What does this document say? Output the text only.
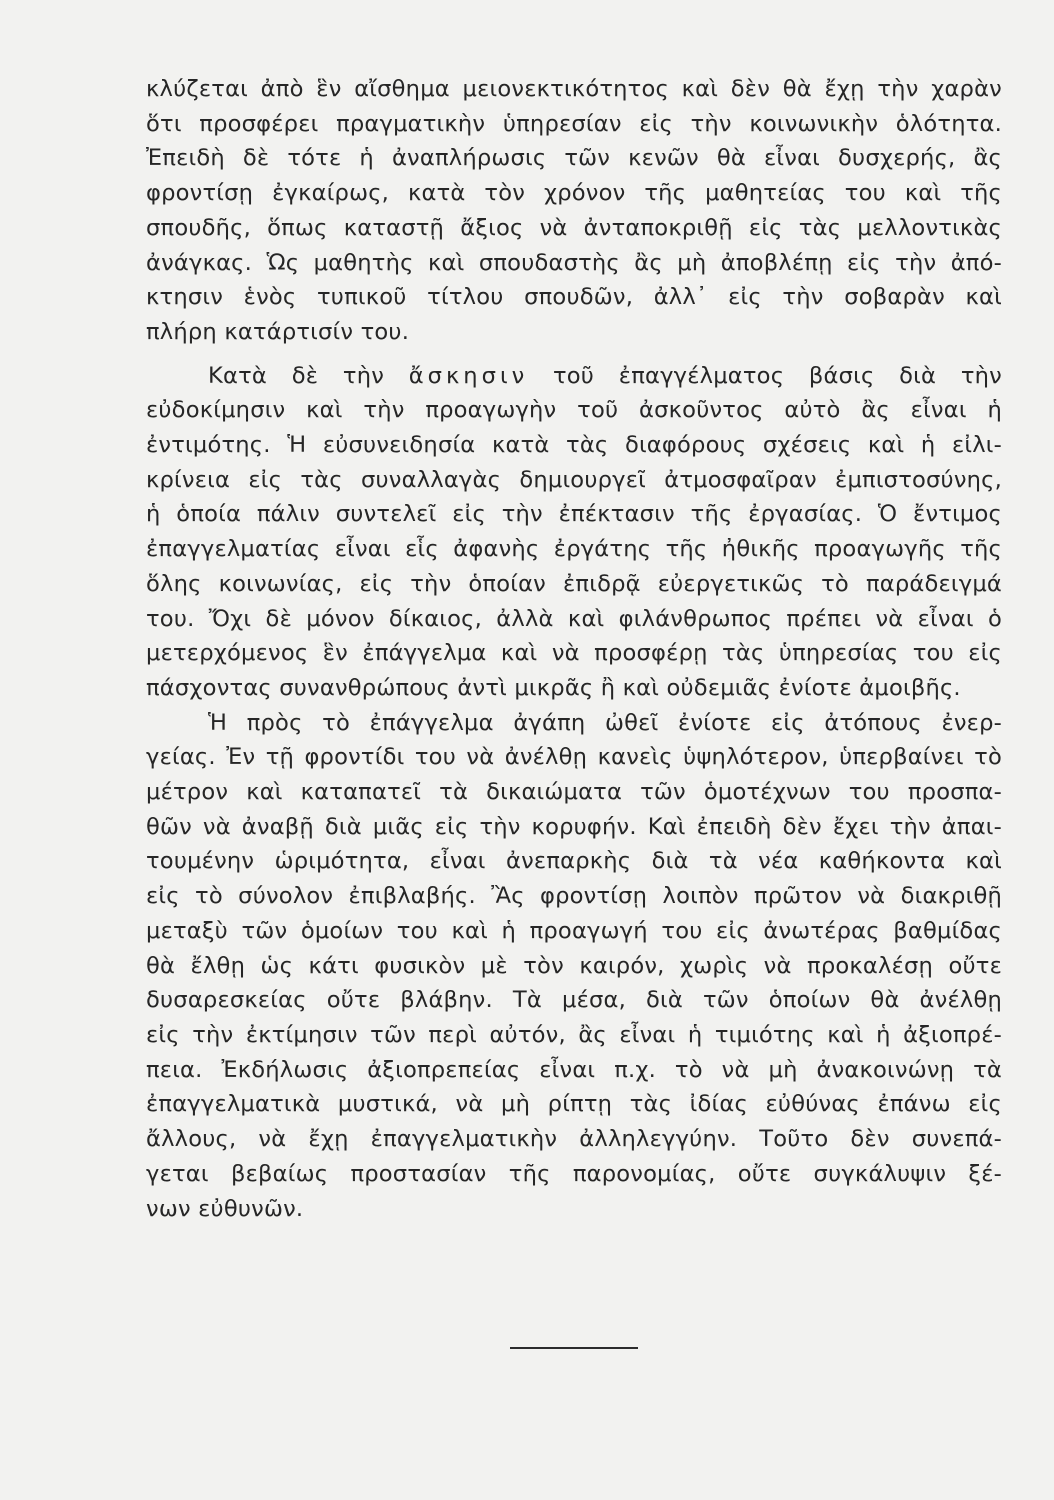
κλύζεται ἀπὸ ἓν αἴσθημα μειονεκτικότητος καὶ δὲν θὰ ἔχῃ τὴν χαρὰν
ὅτι προσφέρει πραγματικὴν ὑπηρεσίαν εἰς τὴν κοινωνικὴν ὁλότητα.
Ἐπειδὴ δὲ τότε ἡ ἀναπλήρωσις τῶν κενῶν θὰ εἶναι δυσχερής, ἂς
φροντίσῃ ἐγκαίρως, κατὰ τὸν χρόνον τῆς μαθητείας του καὶ τῆς
σπουδῆς, ὅπως καταστῇ ἄξιος νὰ ἀνταποκριθῇ εἰς τὰς μελλοντικὰς
ἀνάγκας. Ὡς μαθητὴς καὶ σπουδαστὴς ἂς μὴ ἀποβλέπῃ εἰς τὴν ἀπό-
κτησιν ἑνὸς τυπικοῦ τίτλου σπουδῶν, ἀλλ᾽ εἰς τὴν σοβαρὰν καὶ
πλήρη κατάρτισίν του.
Κατὰ δὲ τὴν ἄσκησιν τοῦ ἐπαγγέλματος βάσις διὰ τὴν
εὐδοκίμησιν καὶ τὴν προαγωγὴν τοῦ ἀσκοῦντος αὐτὸ ἂς εἶναι ἡ
ἐντιμότης. Ἡ εὐσυνειδησία κατὰ τὰς διαφόρους σχέσεις καὶ ἡ εἰλι-
κρίνεια εἰς τὰς συναλλαγὰς δημιουργεῖ ἀτμοσφαῖραν ἐμπιστοσύνης,
ἡ ὁποία πάλιν συντελεῖ εἰς τὴν ἐπέκτασιν τῆς ἐργασίας. Ὁ ἔντιμος
ἐπαγγελματίας εἶναι εἷς ἀφανὴς ἐργάτης τῆς ἠθικῆς προαγωγῆς τῆς
ὅλης κοινωνίας, εἰς τὴν ὁποίαν ἐπιδρᾷ εὐεργετικῶς τὸ παράδειγμά
του. Ὄχι δὲ μόνον δίκαιος, ἀλλὰ καὶ φιλάνθρωπος πρέπει νὰ εἶναι ὁ
μετερχόμενος ἓν ἐπάγγελμα καὶ νὰ προσφέρῃ τὰς ὑπηρεσίας του εἰς
πάσχοντας συνανθρώπους ἀντὶ μικρᾶς ἢ καὶ οὐδεμιᾶς ἐνίοτε ἀμοιβῆς.
Ἡ πρὸς τὸ ἐπάγγελμα ἀγάπη ὠθεῖ ἐνίοτε εἰς ἀτόπους ἐνερ-
γείας. Ἐν τῇ φροντίδι του νὰ ἀνέλθῃ κανεὶς ὑψηλότερον, ὑπερβαίνει τὸ
μέτρον καὶ καταπατεῖ τὰ δικαιώματα τῶν ὁμοτέχνων του προσπα-
θῶν νὰ ἀναβῇ διὰ μιᾶς εἰς τὴν κορυφήν. Καὶ ἐπειδὴ δὲν ἔχει τὴν ἀπαι-
τουμένην ὡριμότητα, εἶναι ἀνεπαρκὴς διὰ τὰ νέα καθήκοντα καὶ
εἰς τὸ σύνολον ἐπιβλαβής. Ἂς φροντίσῃ λοιπὸν πρῶτον νὰ διακριθῇ
μεταξὺ τῶν ὁμοίων του καὶ ἡ προαγωγή του εἰς ἀνωτέρας βαθμίδας
θὰ ἔλθῃ ὡς κάτι φυσικὸν μὲ τὸν καιρόν, χωρὶς νὰ προκαλέσῃ οὔτε
δυσαρεσκείας οὔτε βλάβην. Τὰ μέσα, διὰ τῶν ὁποίων θὰ ἀνέλθῃ
εἰς τὴν ἐκτίμησιν τῶν περὶ αὐτόν, ἂς εἶναι ἡ τιμιότης καὶ ἡ ἀξιοπρέ-
πεια. Ἐκδήλωσις ἀξιοπρεπείας εἶναι π.χ. τὸ νὰ μὴ ἀνακοινώνῃ τὰ
ἐπαγγελματικὰ μυστικά, νὰ μὴ ρίπτῃ τὰς ἰδίας εὐθύνας ἐπάνω εἰς
ἄλλους, νὰ ἔχῃ ἐπαγγελματικὴν ἀλληλεγγύην. Τοῦτο δὲν συνεπά-
γεται βεβαίως προστασίαν τῆς παρονομίας, οὔτε συγκάλυψιν ξέ-
νων εὐθυνῶν.
